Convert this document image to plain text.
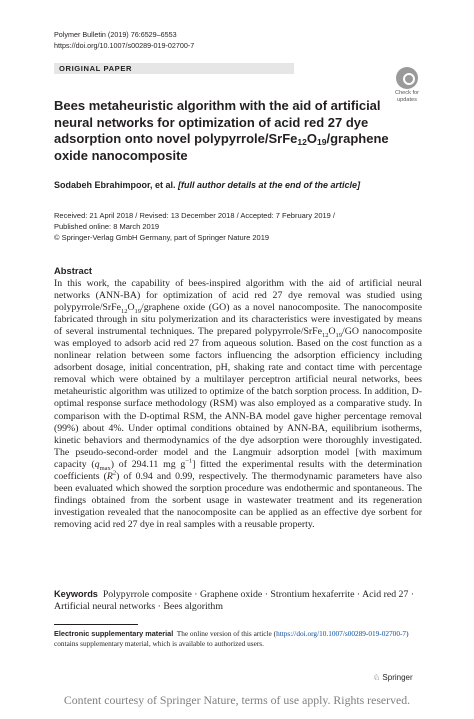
Polymer Bulletin (2019) 76:6529–6553
https://doi.org/10.1007/s00289-019-02700-7
ORIGINAL PAPER
Check for
updates
Bees metaheuristic algorithm with the aid of artificial neural networks for optimization of acid red 27 dye adsorption onto novel polypyrrole/$SrFe_{12}O_{19}$/graphene oxide nanocomposite
Sodabeh Ebrahimpoor, et al. [full author details at the end of the article]
Received: 21 April 2018 / Revised: 13 December 2018 / Accepted: 7 February 2019 /
Published online: 8 March 2019
© Springer-Verlag GmbH Germany, part of Springer Nature 2019
Abstract

In this work, the capability of bees-inspired algorithm with the aid of artificial neural networks (ANN-BA) for optimization of acid red 27 dye removal was studied using polypyrrole/$SrFe_{12}O_{19}$/graphene oxide (GO) as a novel nanocomposite. The nanocomposite fabricated through in situ polymerization and its characteristics were investigated by means of several instrumental techniques. The prepared polypyrrole/$SrFe_{12}O_{19}/GO$ nanocomposite was employed to adsorb acid red 27 from aqueous solution. Based on the cost function as a nonlinear relation between some factors influencing the adsorption efficiency including adsorbent dosage, initial concentration, pH, shaking rate and contact time with percentage removal which were obtained by a multilayer perceptron artificial neural networks, bees metaheuristic algorithm was utilized to optimize of the batch sorption process. In addition, D-optimal response surface methodology (RSM) was also employed as a comparative study. In comparison with the D-optimal RSM, the ANN-BA model gave higher percentage removal (99%) about 4%. Under optimal conditions obtained by ANN-BA, equilibrium isotherms, kinetic behaviors and thermodynamics of the dye adsorption were thoroughly investigated. The pseudo-second-order model and the Langmuir adsorption model [with maximum capacity $(q_{max})$ of 294.11 mg $g^{-1}$] fitted the experimental results with the determination coefficients $(R^2)$ of 0.94 and 0.99, respectively. The thermodynamic parameters have also been evaluated which showed the sorption procedure was endothermic and spontaneous. The findings obtained from the sorbent usage in wastewater treatment and its regeneration investigation revealed that the nanocomposite can be applied as an effective dye sorbent for removing acid red 27 dye in real samples with a reusable property.

Keywords Polypyrrole composite · Graphene oxide · Strontium hexaferrite · Acid red 27 · Artificial neural networks · Bees algorithm
Electronic supplementary material The online version of this article (https://doi.org/10.1007/s00289-019-02700-7) contains supplementary material, which is available to authorized users.
♘ Springer
Content courtesy of Springer Nature, terms of use apply. Rights reserved.
